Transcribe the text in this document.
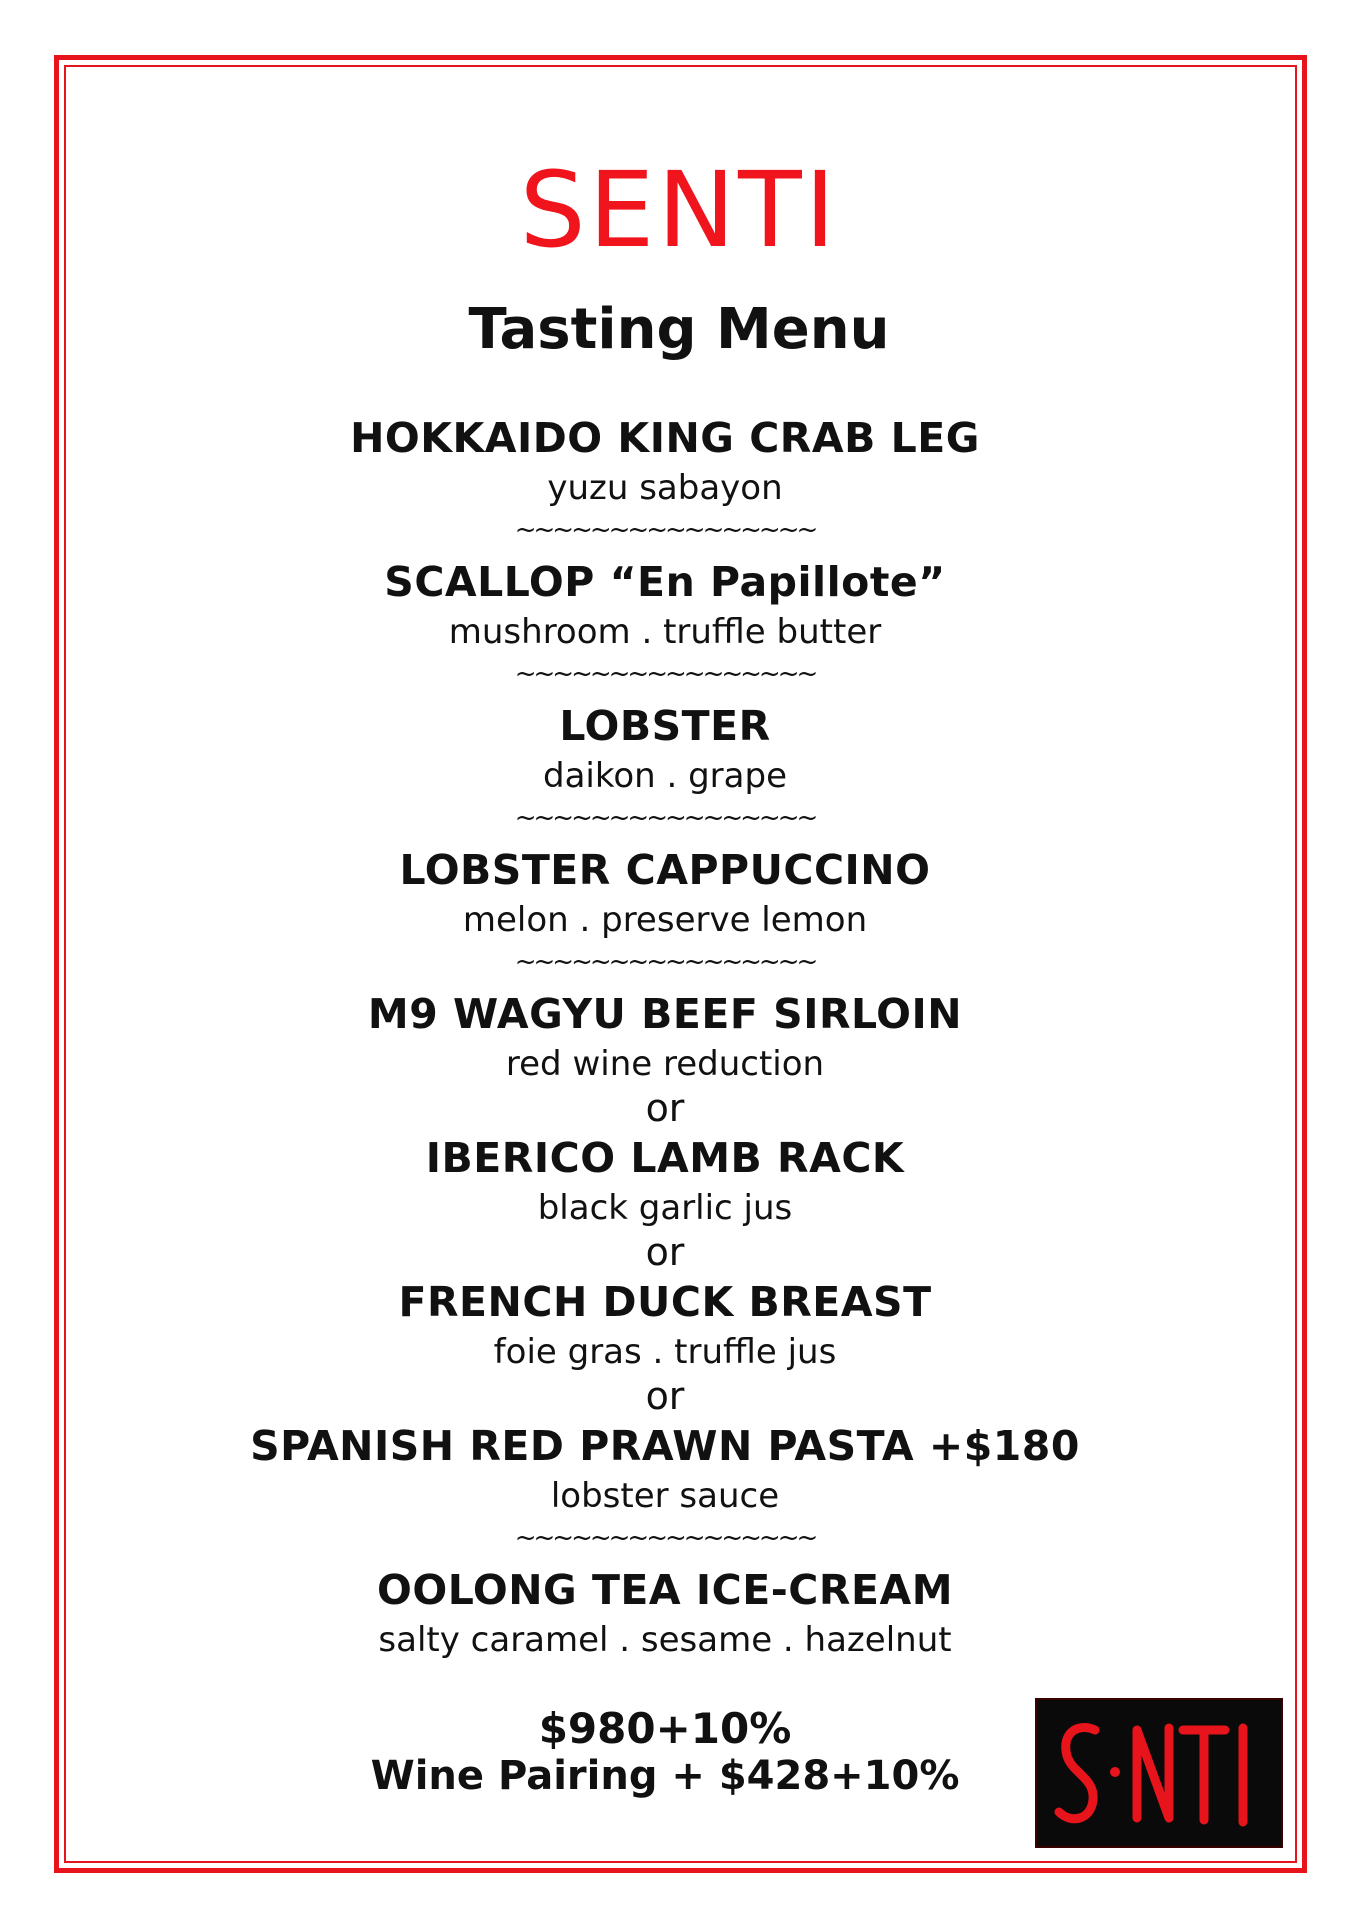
SENTI
Tasting Menu
HOKKAIDO KING CRAB LEG
yuzu sabayon
~~~~~~~~~~~~~~~~
SCALLOP “En Papillote”
mushroom . truffle butter
~~~~~~~~~~~~~~~~
LOBSTER
daikon . grape
~~~~~~~~~~~~~~~~
LOBSTER CAPPUCCINO
melon . preserve lemon
~~~~~~~~~~~~~~~~
M9 WAGYU BEEF SIRLOIN
red wine reduction
or
IBERICO LAMB RACK
black garlic jus
or
FRENCH DUCK BREAST
foie gras . truffle jus
or
SPANISH RED PRAWN PASTA +$180
lobster sauce
~~~~~~~~~~~~~~~~
OOLONG TEA ICE-CREAM
salty caramel . sesame . hazelnut
$980+10%
Wine Pairing + $428+10%
